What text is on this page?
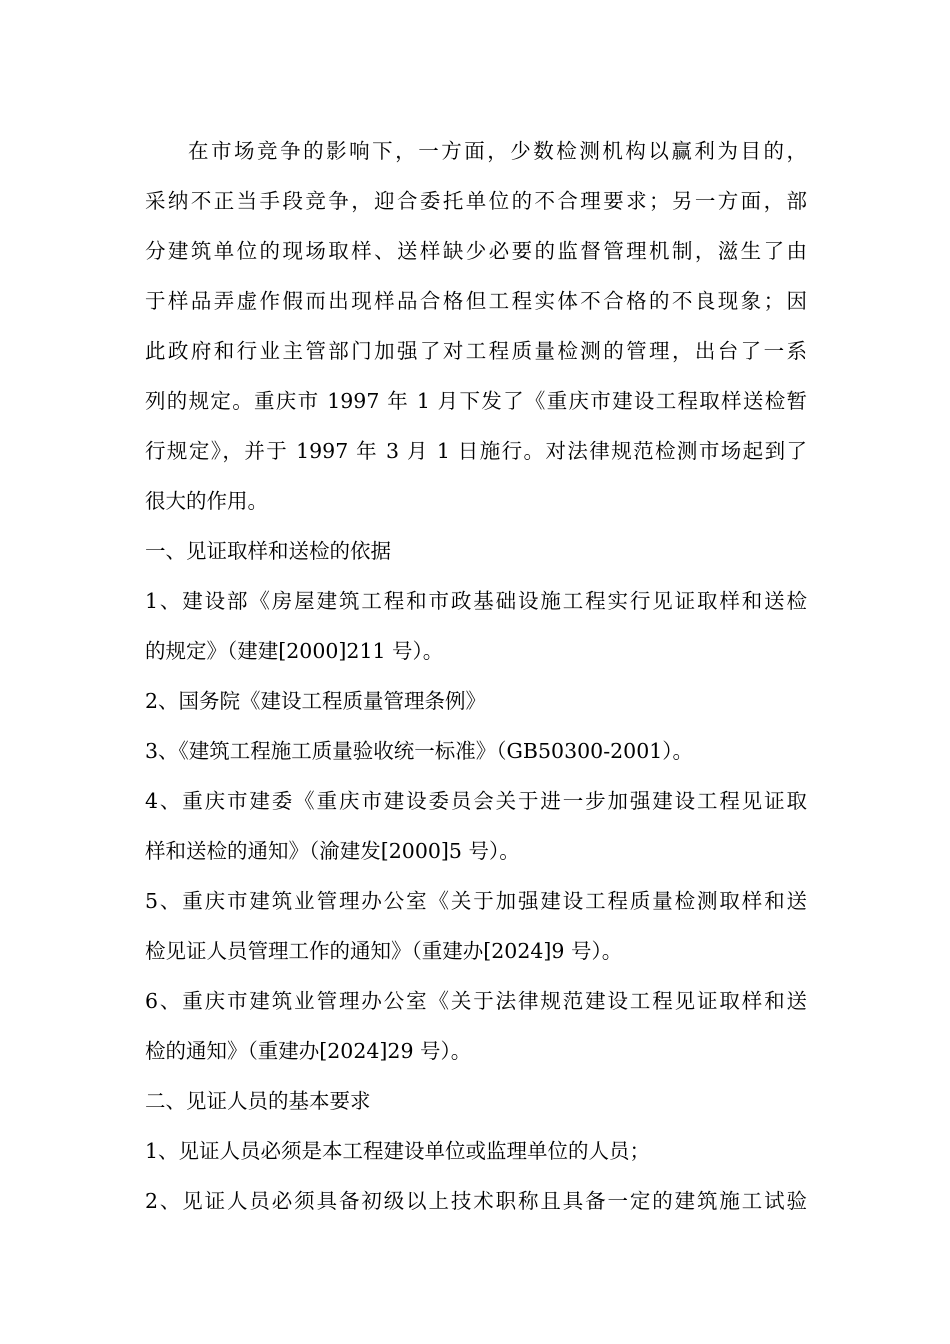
在市场竞争的影响下，一方面，少数检测机构以赢利为目的，
采纳不正当手段竞争，迎合委托单位的不合理要求；另一方面，部
分建筑单位的现场取样、送样缺少必要的监督管理机制，滋生了由
于样品弄虚作假而出现样品合格但工程实体不合格的不良现象；因
此政府和行业主管部门加强了对工程质量检测的管理，出台了一系
列的规定。重庆市 1997 年 1 月下发了《重庆市建设工程取样送检暂
行规定》，并于 1997 年 3 月 1 日施行。对法律规范检测市场起到了
很大的作用。
一、见证取样和送检的依据
1、建设部《房屋建筑工程和市政基础设施工程实行见证取样和送检
的规定》（建建[2000]211 号）。
2、国务院《建设工程质量管理条例》
3、《建筑工程施工质量验收统一标准》（GB50300-2001）。
4、重庆市建委《重庆市建设委员会关于进一步加强建设工程见证取
样和送检的通知》（渝建发[2000]5 号）。
5、重庆市建筑业管理办公室《关于加强建设工程质量检测取样和送
检见证人员管理工作的通知》（重建办[2024]9 号）。
6、重庆市建筑业管理办公室《关于法律规范建设工程见证取样和送
检的通知》（重建办[2024]29 号）。
二、见证人员的基本要求
1、见证人员必须是本工程建设单位或监理单位的人员；
2、见证人员必须具备初级以上技术职称且具备一定的建筑施工试验
